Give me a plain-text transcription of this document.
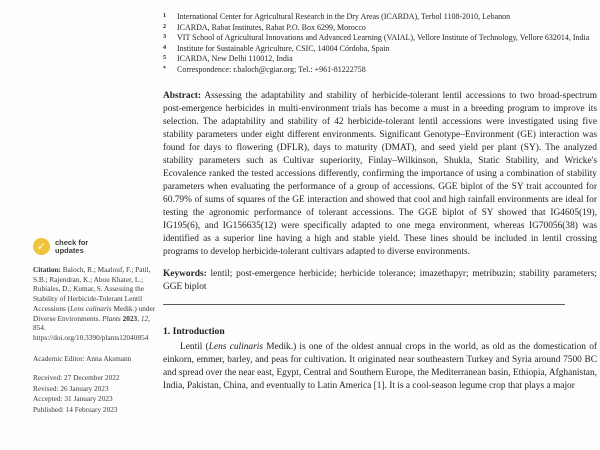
✓	check for
updates
Citation: Baloch, R.; Maalouf, F.; Patil, S.B.; Rajendran, K.; Abou Khater, L.; Rubiales, D.; Kumar, S. Assessing the Stability of Herbicide-Tolerant Lentil Accessions (Lens culinaris Medik.) under Diverse Environments. Plants 2023, 12, 854. https://doi.org/10.3390/plants12040854
Academic Editor: Anna Aksmann
Received: 27 December 2022
Revised: 26 January 2023
Accepted: 31 January 2023
Published: 14 February 2023
1	International Center for Agricultural Research in the Dry Areas (ICARDA), Terbol 1108-2010, Lebanon
2	ICARDA, Rabat Institutes, Rabat P.O. Box 6299, Morocco
3	VIT School of Agricultural Innovations and Advanced Learning (VAIAL), Vellore Institute of Technology, Vellore 632014, India
4	Institute for Sustainable Agriculture, CSIC, 14004 Córdoba, Spain
5	ICARDA, New Delhi 110012, India
*	Correspondence: r.baloch@cgiar.org; Tel.: +961-81222758
Abstract: Assessing the adaptability and stability of herbicide-tolerant lentil accessions to two broad-spectrum post-emergence herbicides in multi-environment trials has become a must in a breeding program to improve its selection. The adaptability and stability of 42 herbicide-tolerant lentil accessions were investigated using five stability parameters under eight different environments. Significant Genotype–Environment (GE) interaction was found for days to flowering (DFLR), days to maturity (DMAT), and seed yield per plant (SY). The analyzed stability parameters such as Cultivar superiority, Finlay–Wilkinson, Shukla, Static Stability, and Wricke's Ecovalence ranked the tested accessions differently, confirming the importance of using a combination of stability parameters when evaluating the performance of a group of accessions. GGE biplot of the SY trait accounted for 60.79% of sums of squares of the GE interaction and showed that cool and high rainfall environments are ideal for testing the agronomic performance of tolerant accessions. The GGE biplot of SY showed that IG4605(19), IG195(6), and IG156635(12) were specifically adapted to one mega environment, whereas IG70056(38) was identified as a superior line having a high and stable yield. These lines should be included in lentil crossing programs to develop herbicide-tolerant cultivars adapted to diverse environments.
Keywords: lentil; post-emergence herbicide; herbicide tolerance; imazethapyr; metribuzin; stability parameters; GGE biplot
1. Introduction
Lentil (Lens culinaris Medik.) is one of the oldest annual crops in the world, as old as the domestication of einkorn, emmer, barley, and peas for cultivation. It originated near southeastern Turkey and Syria around 7500 BC and spread over the near east, Egypt, Central and Southern Europe, the Mediterranean basin, Ethiopia, Afghanistan, India, Pakistan, China, and eventually to Latin America [1]. It is a cool-season legume crop that plays a major
